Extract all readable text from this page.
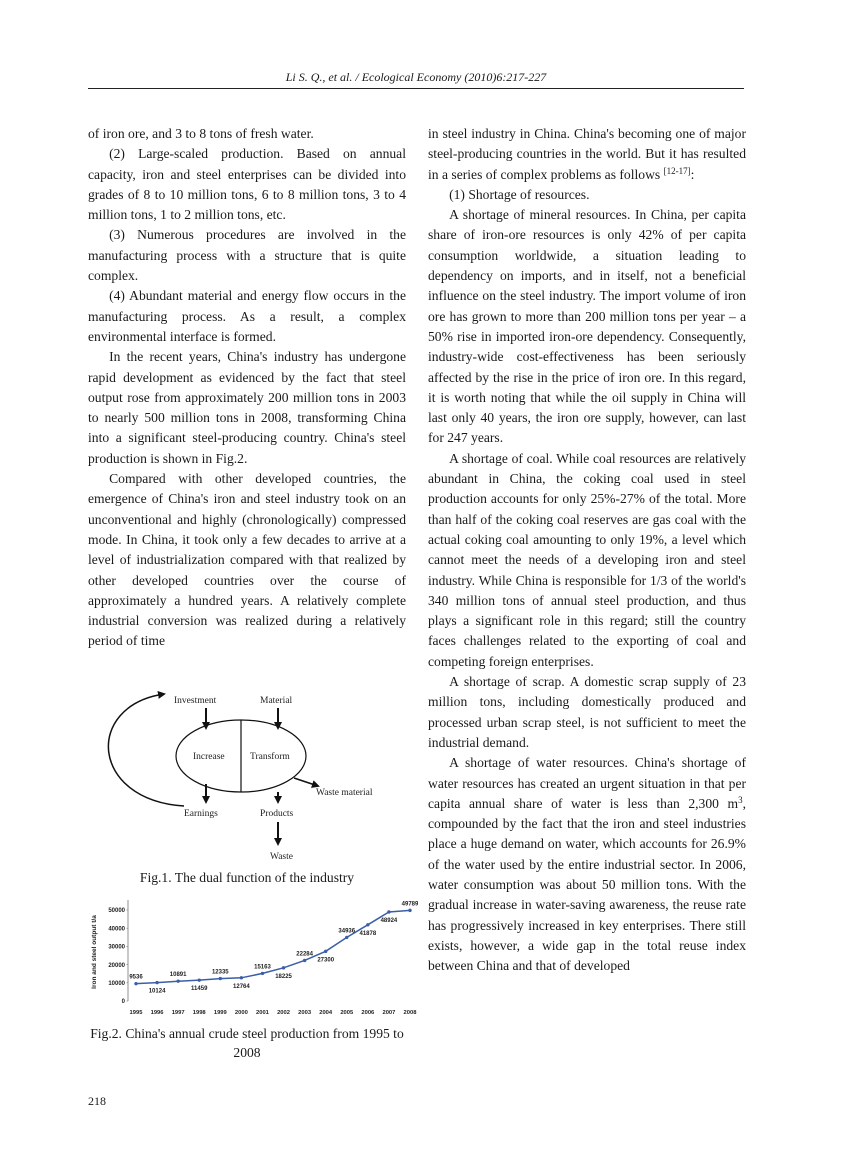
Li S. Q., et al. / Ecological Economy (2010)6:217-227

of iron ore, and 3 to 8 tons of fresh water.

(2) Large-scaled production. Based on annual capacity, iron and steel enterprises can be divided into grades of 8 to 10 million tons, 6 to 8 million tons, 3 to 4 million tons, 1 to 2 million tons, etc.

(3) Numerous procedures are involved in the manufacturing process with a structure that is quite complex.

(4) Abundant material and energy flow occurs in the manufacturing process. As a result, a complex environmental interface is formed.

In the recent years, China's industry has undergone rapid development as evidenced by the fact that steel output rose from approximately 200 million tons in 2003 to nearly 500 million tons in 2008, transforming China into a significant steel-producing country. China's steel production is shown in Fig.2.

Compared with other developed countries, the emergence of China's iron and steel industry took on an unconventional and highly (chronologically) compressed mode. In China, it took only a few decades to arrive at a level of industrialization compared with that realized by other developed countries over the course of approximately a hundred years. A relatively complete industrial conversion was realized during a relatively period of time

in steel industry in China. China's becoming one of major steel-producing countries in the world. But it has resulted in a series of complex problems as follows [12-17]:

(1) Shortage of resources.

A shortage of mineral resources. In China, per capita share of iron-ore resources is only 42% of per capita consumption worldwide, a situation leading to dependency on imports, and in itself, not a beneficial influence on the steel industry. The import volume of iron ore has grown to more than 200 million tons per year – a 50% rise in imported iron-ore dependency. Consequently, industry-wide cost-effectiveness has been seriously affected by the rise in the price of iron ore. In this regard, it is worth noting that while the oil supply in China will last only 40 years, the iron ore supply, however, can last for 247 years.

A shortage of coal. While coal resources are relatively abundant in China, the coking coal used in steel production accounts for only 25%-27% of the total. More than half of the coking coal reserves are gas coal with the actual coking coal amounting to only 19%, a level which cannot meet the needs of a developing iron and steel industry. While China is responsible for 1/3 of the world's 340 million tons of annual steel production, and thus plays a significant role in this regard; still the country faces challenges related to the exporting of coal and competing foreign enterprises.

A shortage of scrap. A domestic scrap supply of 23 million tons, including domestically produced and processed urban scrap steel, is not sufficient to meet the industrial demand.

A shortage of water resources. China's shortage of water resources has created an urgent situation in that per capita annual share of water is less than 2,300 $m^3$, compounded by the fact that the iron and steel industries place a huge demand on water, which accounts for 26.9% of the water used by the entire industrial sector. In 2006, water consumption was about 50 million tons. With the gradual increase in water-saving awareness, the reuse rate has progressively increased in key enterprises. There still exists, however, a wide gap in the total reuse index between China and that of developed

Investment	Material
Increase	Transform
Waste material
Earnings	Products
Waste
Fig.1. The dual function of the industry
Iron and steel output t/a
0
10000
20000
30000
40000
50000
1995 1996 1997 1998 1999 2000 2001 2002 2003 2004 2005 2006 2007 2008
9536
10124
10891
11459
12335
12764
15163
18225
22284
27300
34936 41878
48924
49789
Fig.2. China's annual crude steel production from 1995 to 2008
218
